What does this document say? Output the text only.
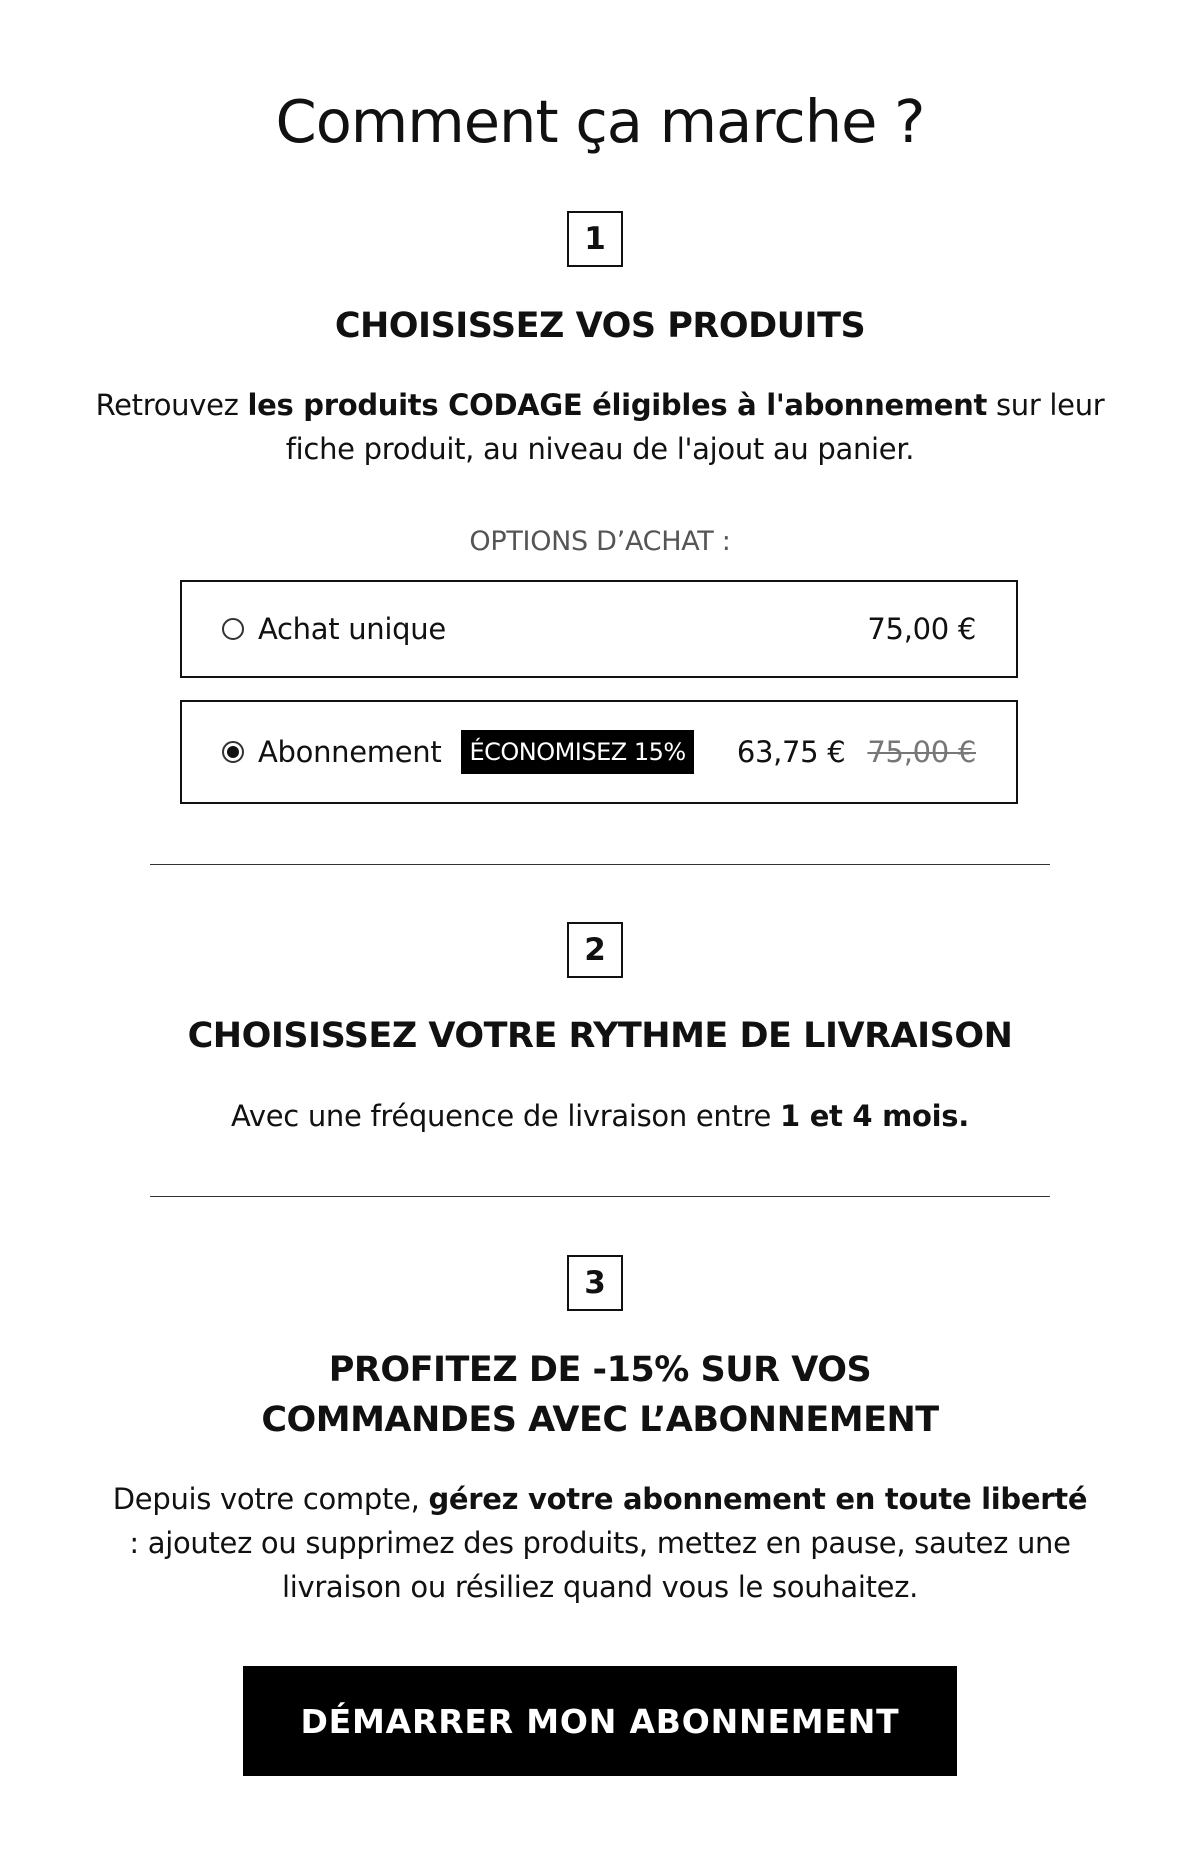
Comment ça marche ?
1
CHOISISSEZ VOS PRODUITS

Retrouvez les produits CODAGE éligibles à l'abonnement sur leur fiche produit, au niveau de l'ajout au panier.

OPTIONS D’ACHAT :
Achat unique	75,00 €
Abonnement	ÉCONOMISEZ 15% 63,75 € 75,00 €
2
CHOISISSEZ VOTRE RYTHME DE LIVRAISON

Avec une fréquence de livraison entre 1 et 4 mois.

3
PROFITEZ DE -15% SUR VOS
COMMANDES AVEC L’ABONNEMENT

Depuis votre compte, gérez votre abonnement en toute liberté : ajoutez ou supprimez des produits, mettez en pause, sautez une livraison ou résiliez quand vous le souhaitez.

DÉMARRER MON ABONNEMENT
